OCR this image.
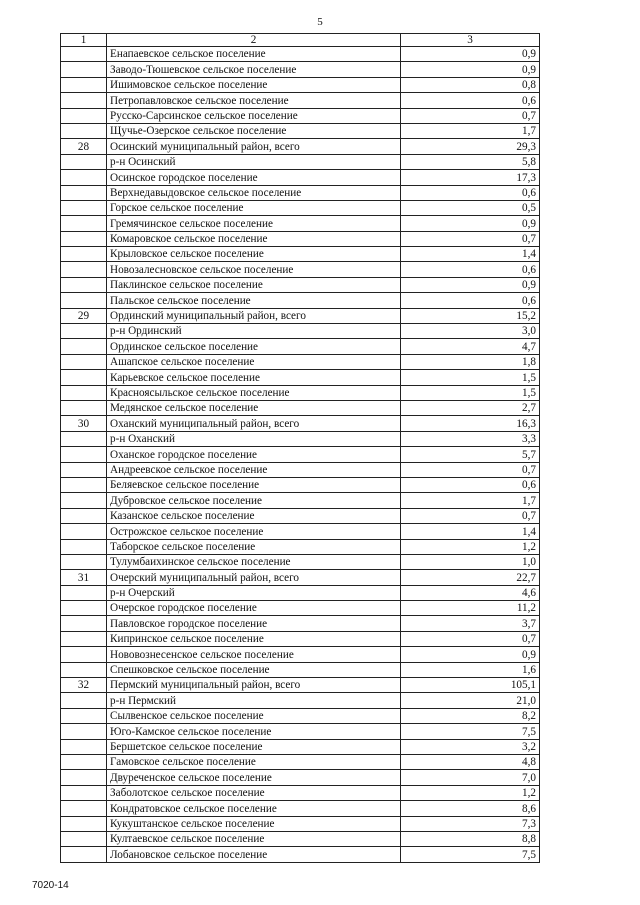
5
1	2	3
	Енапаевское сельское поселение	0,9
	Заводо-Тюшевское сельское поселение	0,9
	Ишимовское сельское поселение	0,8
	Петропавловское сельское поселение	0,6
	Русско-Сарсинское сельское поселение	0,7
	Щучье-Озерское сельское поселение	1,7
28	Осинский муниципальный район, всего	29,3
	р-н Осинский	5,8
	Осинское городское поселение	17,3
	Верхнедавыдовское сельское поселение	0,6
	Горское сельское поселение	0,5
	Гремячинское сельское поселение	0,9
	Комаровское сельское поселение	0,7
	Крыловское сельское поселение	1,4
	Новозалесновское сельское поселение	0,6
	Паклинское сельское поселение	0,9
	Пальское сельское поселение	0,6
29	Ординский муниципальный район, всего	15,2
	р-н Ординский	3,0
	Ординское сельское поселение	4,7
	Ашапское сельское поселение	1,8
	Карьевское сельское поселение	1,5
	Красноясыльское сельское поселение	1,5
	Медянское сельское поселение	2,7
30	Оханский муниципальный район, всего	16,3
	р-н Оханский	3,3
	Оханское городское поселение	5,7
	Андреевское сельское поселение	0,7
	Беляевское сельское поселение	0,6
	Дубровское сельское поселение	1,7
	Казанское сельское поселение	0,7
	Острожское сельское поселение	1,4
	Таборское сельское поселение	1,2
	Тулумбаихинское сельское поселение	1,0
31	Очерский муниципальный район, всего	22,7
	р-н Очерский	4,6
	Очерское городское поселение	11,2
	Павловское городское поселение	3,7
	Кипринское сельское поселение	0,7
	Нововознесенское сельское поселение	0,9
	Спешковское сельское поселение	1,6
32	Пермский муниципальный район, всего	105,1
	р-н Пермский	21,0
	Сылвенское сельское поселение	8,2
	Юго-Камское сельское поселение	7,5
	Бершетское сельское поселение	3,2
	Гамовское сельское поселение	4,8
	Двуреченское сельское поселение	7,0
	Заболотское сельское поселение	1,2
	Кондратовское сельское поселение	8,6
	Кукуштанское сельское поселение	7,3
	Култаевское сельское поселение	8,8
	Лобановское сельское поселение	7,5
7020-14
